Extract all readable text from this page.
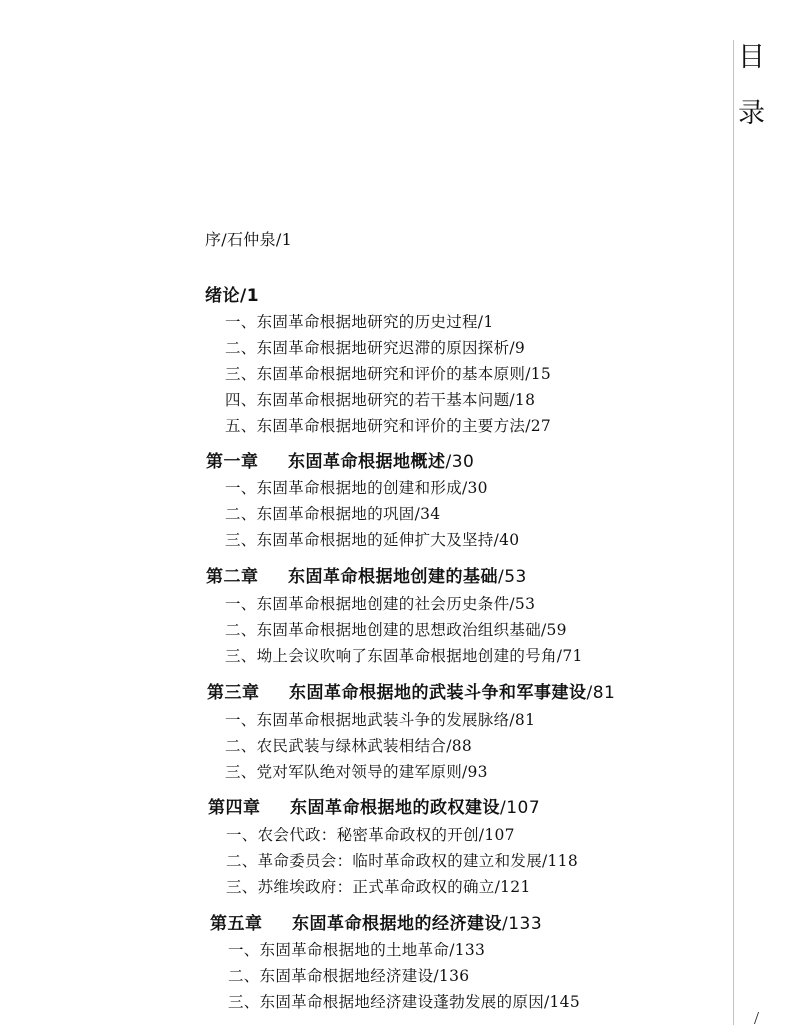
目
录
序/石仲泉/1
绪论/1
一、东固革命根据地研究的历史过程/1
二、东固革命根据地研究迟滞的原因探析/9
三、东固革命根据地研究和评价的基本原则/15
四、东固革命根据地研究的若干基本问题/18
五、东固革命根据地研究和评价的主要方法/27
第一章 东固革命根据地概述/30
一、东固革命根据地的创建和形成/30
二、东固革命根据地的巩固/34
三、东固革命根据地的延伸扩大及坚持/40
第二章 东固革命根据地创建的基础/53
一、东固革命根据地创建的社会历史条件/53
二、东固革命根据地创建的思想政治组织基础/59
三、坳上会议吹响了东固革命根据地创建的号角/71
第三章 东固革命根据地的武装斗争和军事建设/81
一、东固革命根据地武装斗争的发展脉络/81
二、农民武装与绿林武装相结合/88
三、党对军队绝对领导的建军原则/93
第四章 东固革命根据地的政权建设/107
一、农会代政：秘密革命政权的开创/107
二、革命委员会：临时革命政权的建立和发展/118
三、苏维埃政府：正式革命政权的确立/121
第五章 东固革命根据地的经济建设/133
一、东固革命根据地的土地革命/133
二、东固革命根据地经济建设/136
三、东固革命根据地经济建设蓬勃发展的原因/145
/
